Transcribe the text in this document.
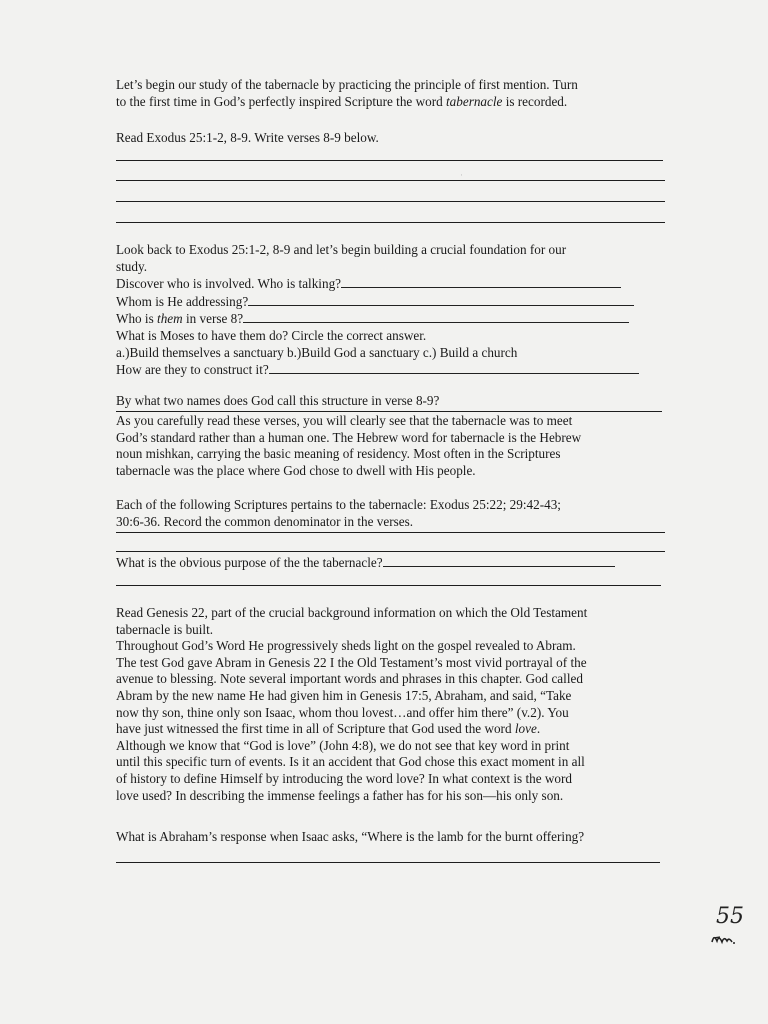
Let’s begin our study of the tabernacle by practicing the principle of first mention. Turn
to the first time in God’s perfectly inspired Scripture the word tabernacle is recorded.
Read Exodus 25:1-2, 8-9. Write verses 8-9 below.
Look back to Exodus 25:1-2, 8-9 and let’s begin building a crucial foundation for our
study.
Discover who is involved. Who is talking?
Whom is He addressing?
Who is them in verse 8?
What is Moses to have them do? Circle the correct answer.
a.)Build themselves a sanctuary b.)Build God a sanctuary c.) Build a church
How are they to construct it?
By what two names does God call this structure in verse 8-9?
As you carefully read these verses, you will clearly see that the tabernacle was to meet
God’s standard rather than a human one. The Hebrew word for tabernacle is the Hebrew
noun mishkan, carrying the basic meaning of residency. Most often in the Scriptures
tabernacle was the place where God chose to dwell with His people.
Each of the following Scriptures pertains to the tabernacle: Exodus 25:22; 29:42-43;
30:6-36. Record the common denominator in the verses.
What is the obvious purpose of the the tabernacle?
Read Genesis 22, part of the crucial background information on which the Old Testament
tabernacle is built.
Throughout God’s Word He progressively sheds light on the gospel revealed to Abram.
The test God gave Abram in Genesis 22 I the Old Testament’s most vivid portrayal of the
avenue to blessing. Note several important words and phrases in this chapter. God called
Abram by the new name He had given him in Genesis 17:5, Abraham, and said, “Take
now thy son, thine only son Isaac, whom thou lovest…and offer him there” (v.2). You
have just witnessed the first time in all of Scripture that God used the word love.
Although we know that “God is love” (John 4:8), we do not see that key word in print
until this specific turn of events. Is it an accident that God chose this exact moment in all
of history to define Himself by introducing the word love? In what context is the word
love used? In describing the immense feelings a father has for his son—his only son.
What is Abraham’s response when Isaac asks, “Where is the lamb for the burnt offering?
55
·
